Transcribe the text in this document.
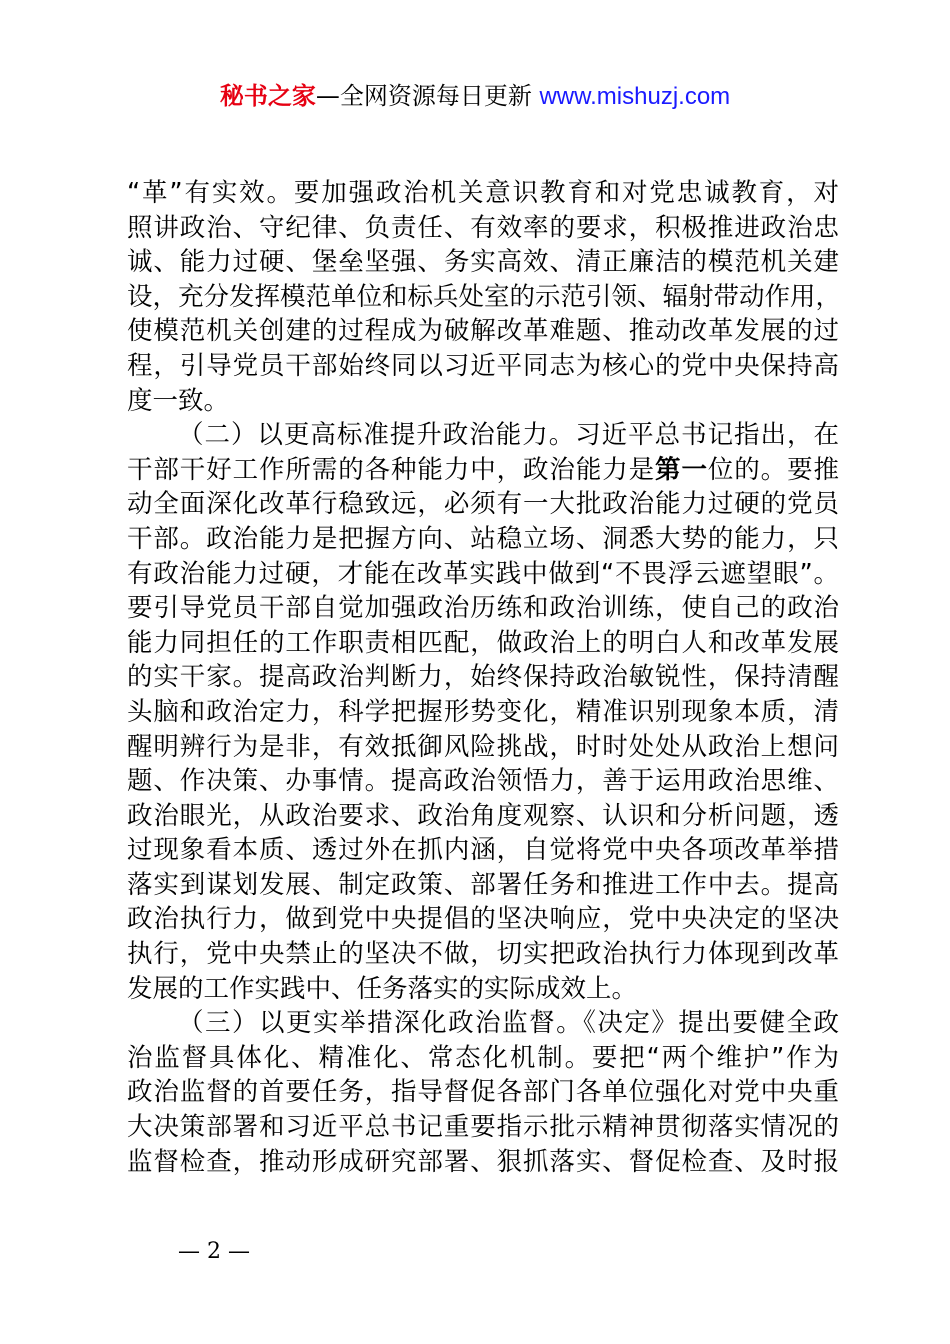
秘书之家—全网资源每日更新 www.mishuzj.com
“革”有实效。要加强政治机关意识教育和对党忠诚教育，对
照讲政治、守纪律、负责任、有效率的要求，积极推进政治忠
诚、能力过硬、堡垒坚强、务实高效、清正廉洁的模范机关建
设，充分发挥模范单位和标兵处室的示范引领、辐射带动作用，
使模范机关创建的过程成为破解改革难题、推动改革发展的过
程，引导党员干部始终同以习近平同志为核心的党中央保持高
度一致。
（二）以更高标准提升政治能力。习近平总书记指出，在
干部干好工作所需的各种能力中，政治能力是第一位的。要推
动全面深化改革行稳致远，必须有一大批政治能力过硬的党员
干部。政治能力是把握方向、站稳立场、洞悉大势的能力，只
有政治能力过硬，才能在改革实践中做到“不畏浮云遮望眼”。
要引导党员干部自觉加强政治历练和政治训练，使自己的政治
能力同担任的工作职责相匹配，做政治上的明白人和改革发展
的实干家。提高政治判断力，始终保持政治敏锐性，保持清醒
头脑和政治定力，科学把握形势变化，精准识别现象本质，清
醒明辨行为是非，有效抵御风险挑战，时时处处从政治上想问
题、作决策、办事情。提高政治领悟力，善于运用政治思维、
政治眼光，从政治要求、政治角度观察、认识和分析问题，透
过现象看本质、透过外在抓内涵，自觉将党中央各项改革举措
落实到谋划发展、制定政策、部署任务和推进工作中去。提高
政治执行力，做到党中央提倡的坚决响应，党中央决定的坚决
执行，党中央禁止的坚决不做，切实把政治执行力体现到改革
发展的工作实践中、任务落实的实际成效上。
（三）以更实举措深化政治监督。《决定》提出要健全政
治监督具体化、精准化、常态化机制。要把“两个维护”作为
政治监督的首要任务，指导督促各部门各单位强化对党中央重
大决策部署和习近平总书记重要指示批示精神贯彻落实情况的
监督检查，推动形成研究部署、狠抓落实、督促检查、及时报
— 2 —
